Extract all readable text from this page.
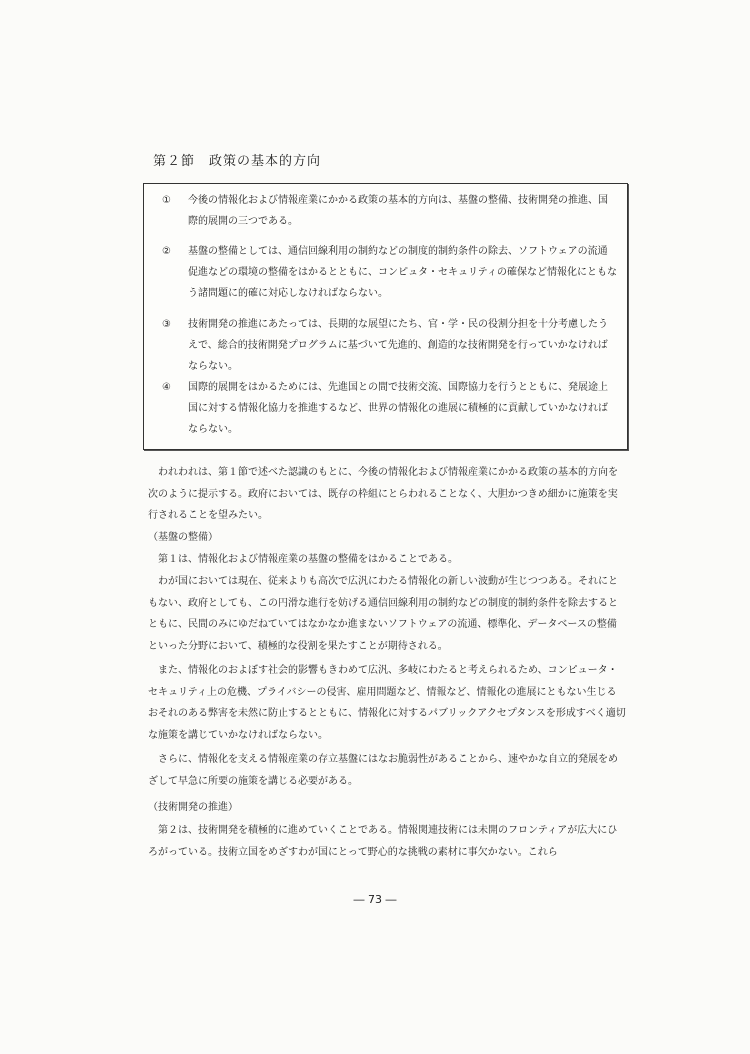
第２節　政策の基本的方向
①	今後の情報化および情報産業にかかる政策の基本的方向は、基盤の整備、技術開発の推進、国際的展開の三つである。
②	基盤の整備としては、通信回線利用の制約などの制度的制約条件の除去、ソフトウェアの流通促進などの環境の整備をはかるとともに、コンピュタ・セキュリティの確保など情報化にともなう諸問題に的確に対応しなければならない。
③	技術開発の推進にあたっては、長期的な展望にたち、官・学・民の役割分担を十分考慮したうえで、総合的技術開発プログラムに基づいて先進的、創造的な技術開発を行っていかなければならない。
④	国際的展開をはかるためには、先進国との間で技術交流、国際協力を行うとともに、発展途上国に対する情報化協力を推進するなど、世界の情報化の進展に積極的に貢献していかなければならない。

われわれは、第１節で述べた認識のもとに、今後の情報化および情報産業にかかる政策の基本的方向を次のように提示する。政府においては、既存の枠組にとらわれることなく、大胆かつきめ細かに施策を実行されることを望みたい。

（基盤の整備）

第１は、情報化および情報産業の基盤の整備をはかることである。

わが国においては現在、従来よりも高次で広汎にわたる情報化の新しい波動が生じつつある。それにともない、政府としても、この円滑な進行を妨げる通信回線利用の制約などの制度的制約条件を除去するとともに、民間のみにゆだねていてはなかなか進まないソフトウェアの流通、標準化、データベースの整備といった分野において、積極的な役割を果たすことが期待される。

また、情報化のおよぼす社会的影響もきわめて広汎、多岐にわたると考えられるため、コンピュータ・セキュリティ上の危機、プライバシーの侵害、雇用問題など、情報など、情報化の進展にともない生じるおそれのある弊害を未然に防止するとともに、情報化に対するパブリックアクセプタンスを形成すべく適切な施策を講じていかなければならない。

さらに、情報化を支える情報産業の存立基盤にはなお脆弱性があることから、速やかな自立的発展をめざして早急に所要の施策を講じる必要がある。

（技術開発の推進）

第２は、技術開発を積極的に進めていくことである。情報関連技術には未開のフロンティアが広大にひろがっている。技術立国をめざすわが国にとって野心的な挑戦の素材に事欠かない。これら

― 73 ―
